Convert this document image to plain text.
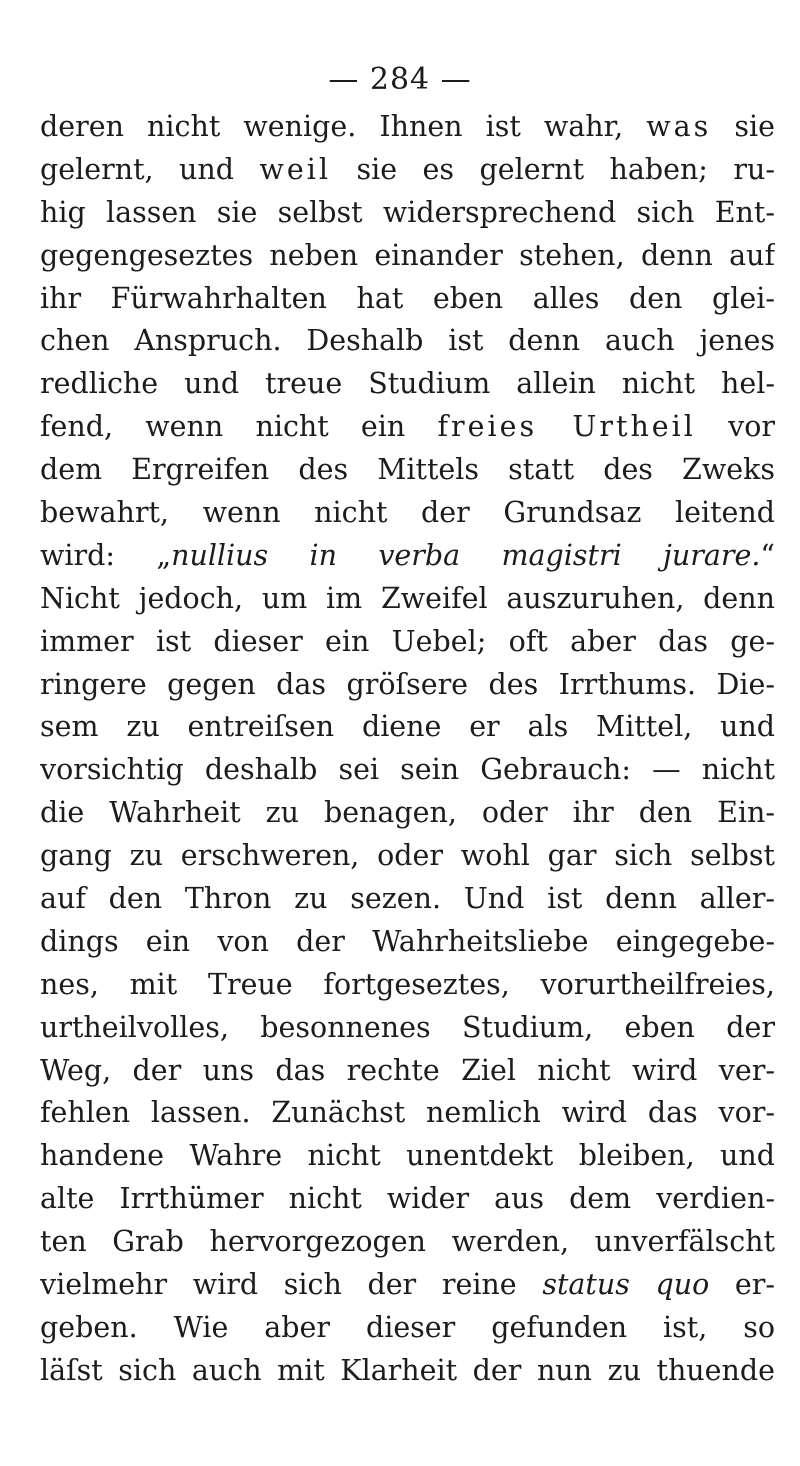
— 284 —
deren nicht wenige. Ihnen ist wahr, was sie
gelernt, und weil sie es gelernt haben; ru-
hig lassen sie selbst widersprechend sich Ent-
gegengeseztes neben einander stehen, denn auf
ihr Fürwahrhalten hat eben alles den glei-
chen Anspruch. Deshalb ist denn auch jenes
redliche und treue Studium allein nicht hel-
fend, wenn nicht ein freies Urtheil vor
dem Ergreifen des Mittels statt des Zweks
bewahrt, wenn nicht der Grundsaz leitend
wird: „nullius in verba magistri jurare.“
Nicht jedoch, um im Zweifel auszuruhen, denn
immer ist dieser ein Uebel; oft aber das ge-
ringere gegen das gröſsere des Irrthums. Die-
sem zu entreiſsen diene er als Mittel, und
vorsichtig deshalb sei sein Gebrauch: — nicht
die Wahrheit zu benagen, oder ihr den Ein-
gang zu erschweren, oder wohl gar sich selbst
auf den Thron zu sezen. Und ist denn aller-
dings ein von der Wahrheitsliebe eingegebe-
nes, mit Treue fortgeseztes, vorurtheilfreies,
urtheilvolles, besonnenes Studium, eben der
Weg, der uns das rechte Ziel nicht wird ver-
fehlen lassen. Zunächst nemlich wird das vor-
handene Wahre nicht unentdekt bleiben, und
alte Irrthümer nicht wider aus dem verdien-
ten Grab hervorgezogen werden, unverfälscht
vielmehr wird sich der reine status quo er-
geben. Wie aber dieser gefunden ist, so
läſst sich auch mit Klarheit der nun zu thuende
